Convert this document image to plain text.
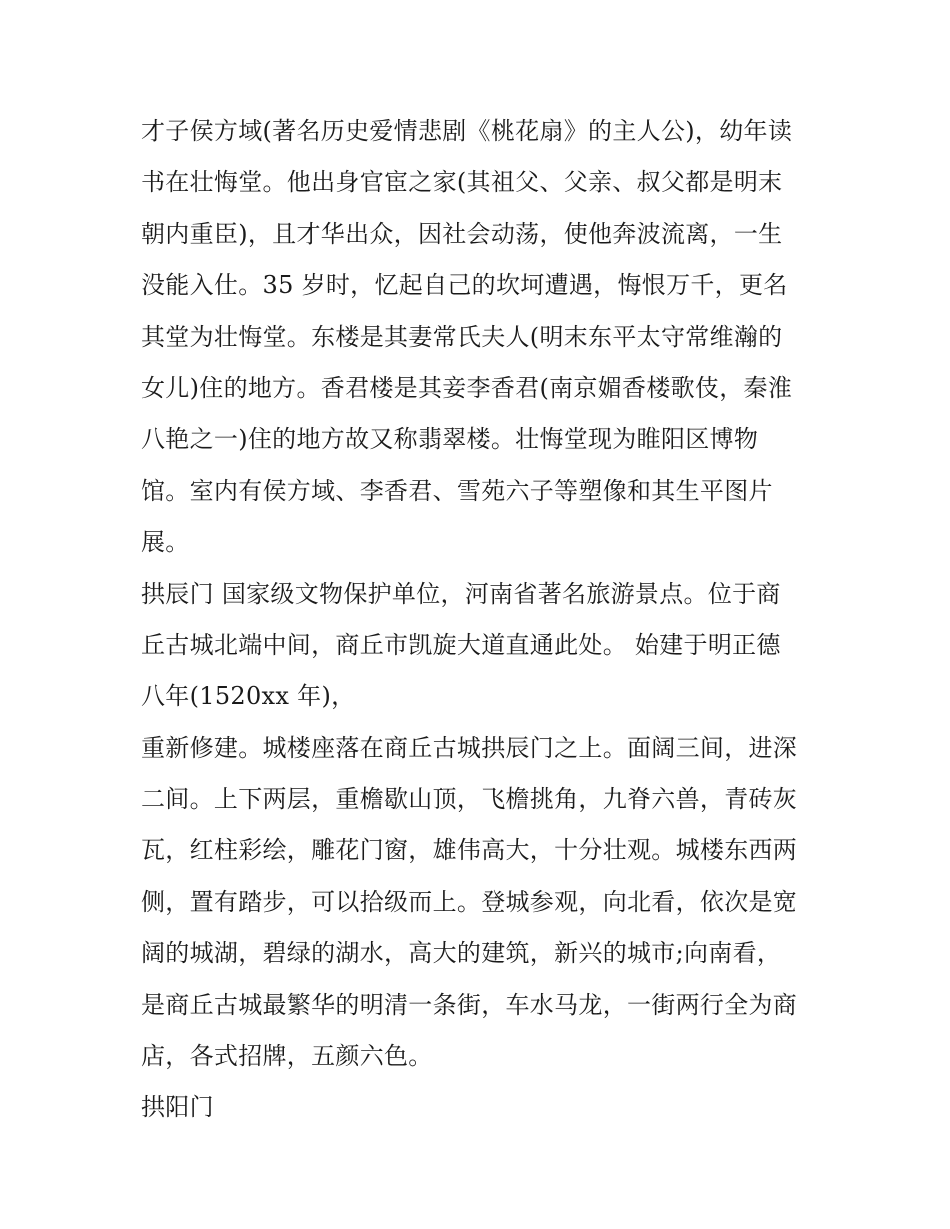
才子侯方域(著名历史爱情悲剧《桃花扇》的主人公)，幼年读
书在壮悔堂。他出身官宦之家(其祖父、父亲、叔父都是明末
朝内重臣)，且才华出众，因社会动荡，使他奔波流离，一生
没能入仕。35 岁时，忆起自己的坎坷遭遇，悔恨万千，更名
其堂为壮悔堂。东楼是其妻常氏夫人(明末东平太守常维瀚的
女儿)住的地方。香君楼是其妾李香君(南京媚香楼歌伎，秦淮
八艳之一)住的地方故又称翡翠楼。壮悔堂现为睢阳区博物
馆。室内有侯方域、李香君、雪苑六子等塑像和其生平图片
展。
拱辰门 国家级文物保护单位，河南省著名旅游景点。位于商
丘古城北端中间，商丘市凯旋大道直通此处。 始建于明正德
八年(1520xx 年)，
重新修建。城楼座落在商丘古城拱辰门之上。面阔三间，进深
二间。上下两层，重檐歇山顶，飞檐挑角，九脊六兽，青砖灰
瓦，红柱彩绘，雕花门窗，雄伟高大，十分壮观。城楼东西两
侧，置有踏步，可以拾级而上。登城参观，向北看，依次是宽
阔的城湖，碧绿的湖水，高大的建筑，新兴的城市;向南看，
是商丘古城最繁华的明清一条街，车水马龙，一街两行全为商
店，各式招牌，五颜六色。
拱阳门
